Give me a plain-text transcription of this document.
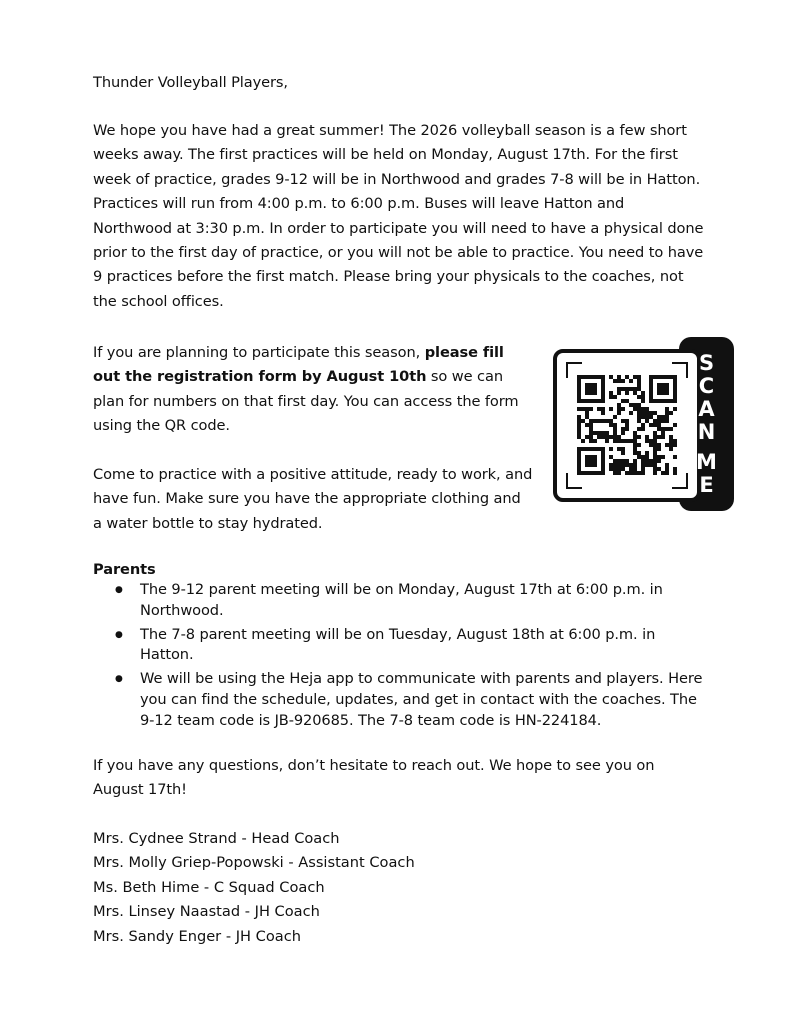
Thunder Volleyball Players,

We hope you have had a great summer! The 2026 volleyball season is a few short weeks away. The first practices will be held on Monday, August 17th. For the first week of practice, grades 9-12 will be in Northwood and grades 7-8 will be in Hatton. Practices will run from 4:00 p.m. to 6:00 p.m. Buses will leave Hatton and Northwood at 3:30 p.m. In order to participate you will need to have a physical done prior to the first day of practice, or you will not be able to practice. You need to have 9 practices before the first match. Please bring your physicals to the coaches, not the school offices.

If you are planning to participate this season, please fill out the registration form by August 10th so we can plan for numbers on that first day. You can access the form using the QR code.

Come to practice with a positive attitude, ready to work, and have fun. Make sure you have the appropriate clothing and a water bottle to stay hydrated.

Parents

● The 9-12 parent meeting will be on Monday, August 17th at 6:00 p.m. in Northwood.
● The 7-8 parent meeting will be on Tuesday, August 18th at 6:00 p.m. in Hatton.
● We will be using the Heja app to communicate with parents and players. Here you can find the schedule, updates, and get in contact with the coaches. The 9-12 team code is JB-920685. The 7-8 team code is HN-224184.

If you have any questions, don’t hesitate to reach out. We hope to see you on August 17th!

Mrs. Cydnee Strand - Head Coach
Mrs. Molly Griep-Popowski - Assistant Coach
Ms. Beth Hime - C Squad Coach
Mrs. Linsey Naastad - JH Coach
Mrs. Sandy Enger - JH Coach
S
C
A
N
M
E
